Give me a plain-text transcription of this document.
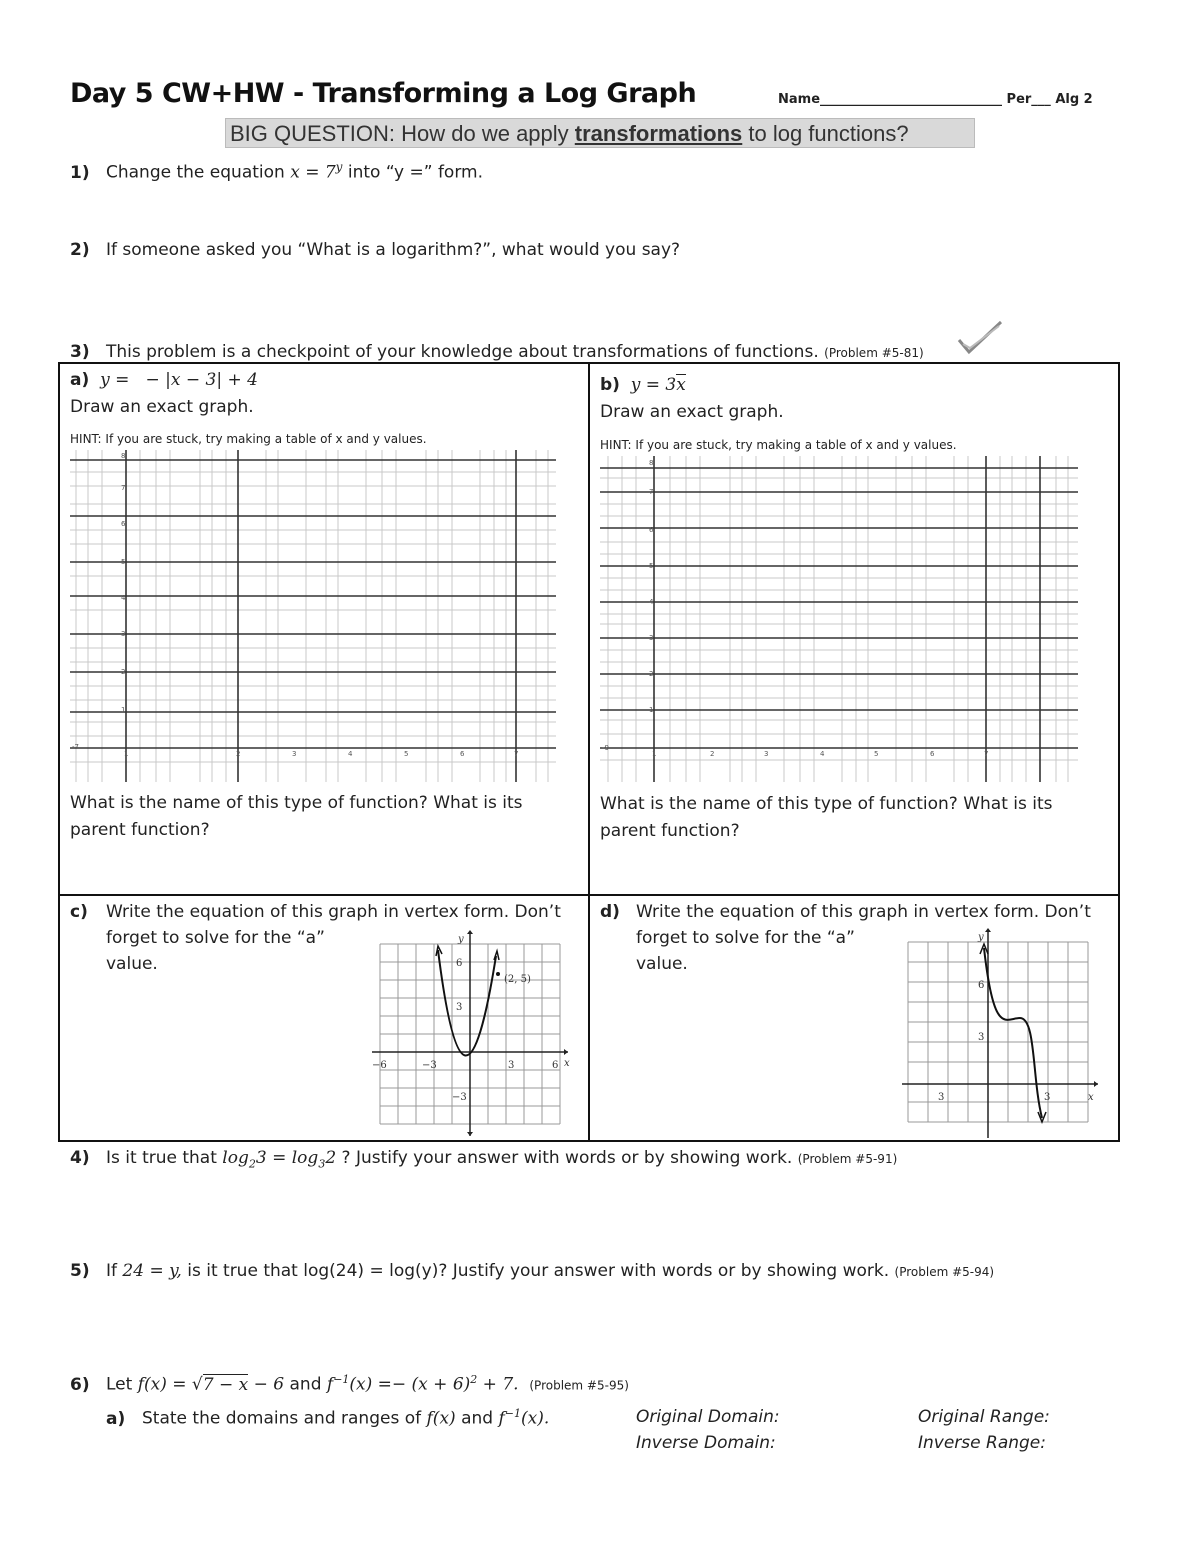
Day 5 CW+HW - Transforming a Log Graph	Name____________________________ Per___ Alg 2
BIG QUESTION: How do we apply transformations to log functions?
1) Change the equation $x = 7^y$ into “y =” form.
2) If someone asked you “What is a logarithm?”, what would you say?
3) This problem is a checkpoint of your knowledge about transformations of functions. (Problem #5-81)
a) y =   − |x − 3| + 4
Draw an exact graph.
HINT: If you are stuck, try making a table of x and y values.
8
7
6
5
4
3
2
1
-7
1	2	3	4	5	6	7
What is the name of this type of function? What is its
parent function?
b) y = 3x
Draw an exact graph.
HINT: If you are stuck, try making a table of x and y values.
8
7
6
5
4
3
2
1
-9
1	2	3	4	5	6	7
What is the name of this type of function? What is its
parent function?
c) Write the equation of this graph in vertex form. Don’t
forget to solve for the “a”
value.
y
x
6
3
−6	−3	3	6
−3
(2, 5)
d) Write the equation of this graph in vertex form. Don’t
forget to solve for the “a”
value.
y
x
6
3
3	3
4) Is it true that $\log_23 = \log_32$ ? Justify your answer with words or by showing work. (Problem #5-91)
5) If 24 = y, is it true that log(24) = log(y)? Justify your answer with words or by showing work. (Problem #5-94)
6) Let f(x) = √7 − x − 6 and $f^{-1}(x) =- (x + 6)^2 + 7$. (Problem #5-95)
a) State the domains and ranges of f(x) and $f^{-1}(x)$.	Original Domain:	Original Range:
Inverse Domain:	Inverse Range:
